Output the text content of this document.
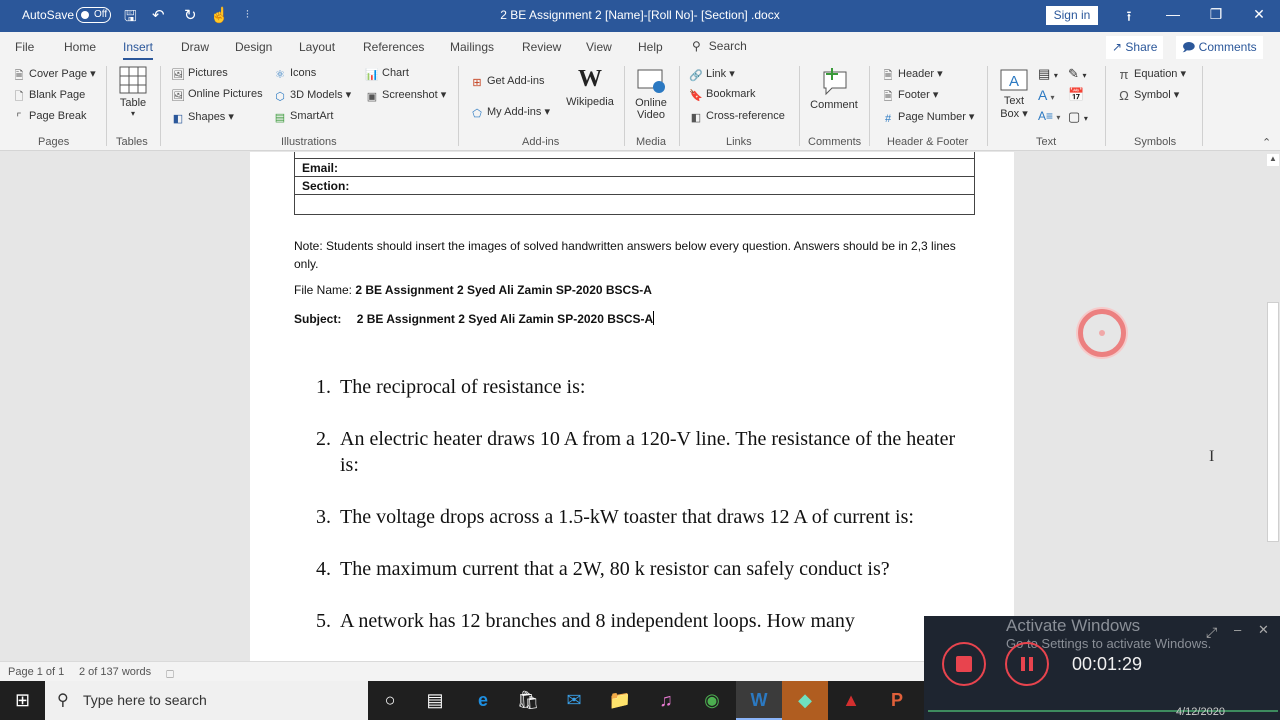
AutoSave	Off 🖫 ↶ ↻ ☝ ⫶	2 BE Assignment 2 [Name]-[Roll No]- [Section] .docx	Sign in	⭱	— ❐ ✕
File Home Insert Draw Design Layout References Mailings Review View Help ⚲ Search	↗ Share	🗩 Comments
🗎 Cover Page ▾
🗋 Blank Page
⌜ Page Break
Pages
Table
▾
Tables
🖼 Pictures
🖼 Online Pictures
◧ Shapes ▾
⚛ Icons
⬡ 3D Models ▾
▤ SmartArt
📊 Chart
▣ Screenshot ▾
Illustrations
⊞ Get Add-ins
⬠ My Add-ins ▾
W
Wikipedia
Add-ins
Online
Video
Media
🔗 Link ▾
🔖 Bookmark
◧ Cross-reference
Links
Comment
Comments
🗎 Header ▾
🗎 Footer ▾
# Page Number ▾
Header & Footer
A
Text
Box ▾
▤ ▾
A ▾
A≡ ▾
✎ ▾
📅
▢ ▾
Text
π Equation ▾
Ω Symbol ▾
Symbols	⌃

Email:
Section:

Note: Students should insert the images of solved handwritten answers below every question. Answers should be in 2,3 lines only.
File Name: 2 BE Assignment 2 Syed Ali Zamin SP-2020 BSCS-A
Subject: 2 BE Assignment 2 Syed Ali Zamin SP-2020 BSCS-A
1. The reciprocal of resistance is:
2. An electric heater draws 10 A from a 120-V line. The resistance of the heater is:
3. The voltage drops across a 1.5-kW toaster that draws 12 A of current is:
4. The maximum current that a 2W, 80 k resistor can safely conduct is?
5. A network has 12 branches and 8 independent loops. How many
I
▲
Page 1 of 1 2 of 137 words 🗆
⊞	⚲ Type here to search	○	▤	e	🛍	✉	📁	♫	◉	W	◆	▲	P
Activate Windows
Go to Settings to activate Windows.
00:01:29
⤢ – ✕
4/12/2020
